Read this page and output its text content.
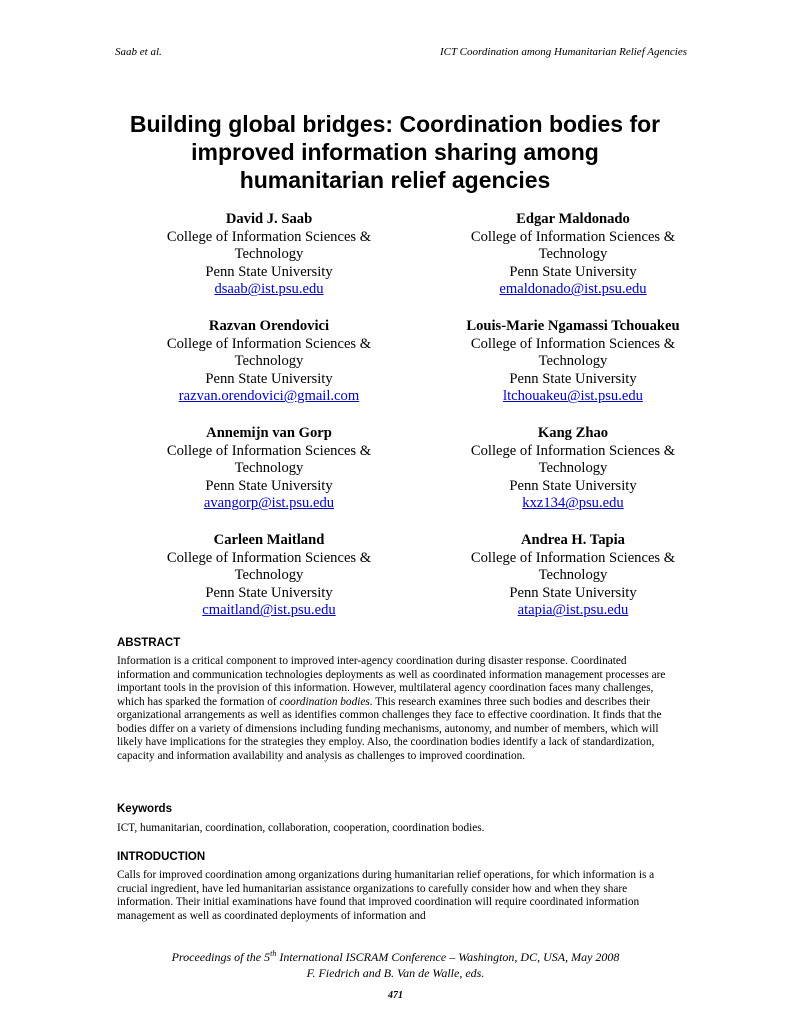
Saab et al.	ICT Coordination among Humanitarian Relief Agencies
Building global bridges: Coordination bodies for
improved information sharing among
humanitarian relief agencies
David J. Saab
College of Information Sciences &
Technology
Penn State University
dsaab@ist.psu.edu
Edgar Maldonado
College of Information Sciences &
Technology
Penn State University
emaldonado@ist.psu.edu
Razvan Orendovici
College of Information Sciences &
Technology
Penn State University
razvan.orendovici@gmail.com
Louis-Marie Ngamassi Tchouakeu
College of Information Sciences &
Technology
Penn State University
ltchouakeu@ist.psu.edu
Annemijn van Gorp
College of Information Sciences &
Technology
Penn State University
avangorp@ist.psu.edu
Kang Zhao
College of Information Sciences &
Technology
Penn State University
kxz134@psu.edu
Carleen Maitland
College of Information Sciences &
Technology
Penn State University
cmaitland@ist.psu.edu
Andrea H. Tapia
College of Information Sciences &
Technology
Penn State University
atapia@ist.psu.edu
ABSTRACT
Information is a critical component to improved inter-agency coordination during disaster response. Coordinated information and communication technologies deployments as well as coordinated information management processes are important tools in the provision of this information. However, multilateral agency coordination faces many challenges, which has sparked the formation of coordination bodies. This research examines three such bodies and describes their organizational arrangements as well as identifies common challenges they face to effective coordination. It finds that the bodies differ on a variety of dimensions including funding mechanisms, autonomy, and number of members, which will likely have implications for the strategies they employ. Also, the coordination bodies identify a lack of standardization, capacity and information availability and analysis as challenges to improved coordination.
Keywords
ICT, humanitarian, coordination, collaboration, cooperation, coordination bodies.
INTRODUCTION
Calls for improved coordination among organizations during humanitarian relief operations, for which information is a crucial ingredient, have led humanitarian assistance organizations to carefully consider how and when they share information. Their initial examinations have found that improved coordination will require coordinated information management as well as coordinated deployments of information and
Proceedings of the 5th International ISCRAM Conference – Washington, DC, USA, May 2008
F. Fiedrich and B. Van de Walle, eds.
471
